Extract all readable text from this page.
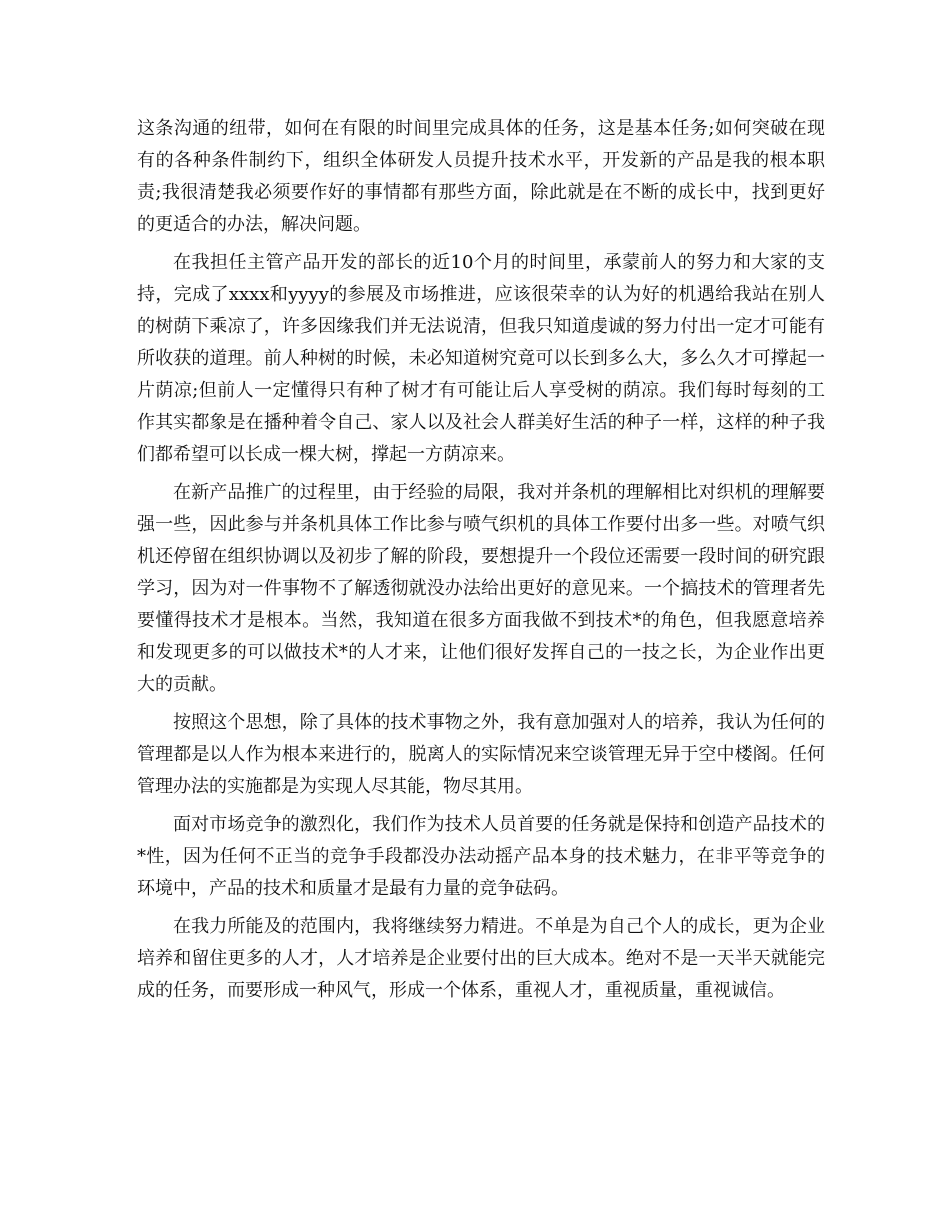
这条沟通的纽带，如何在有限的时间里完成具体的任务，这是基本任务;如何突破在现有的各种条件制约下，组织全体研发人员提升技术水平，开发新的产品是我的根本职责;我很清楚我必须要作好的事情都有那些方面，除此就是在不断的成长中，找到更好的更适合的办法，解决问题。

在我担任主管产品开发的部长的近10个月的时间里，承蒙前人的努力和大家的支持，完成了xxxx和yyyy的参展及市场推进，应该很荣幸的认为好的机遇给我站在别人的树荫下乘凉了，许多因缘我们并无法说清，但我只知道虔诚的努力付出一定才可能有所收获的道理。前人种树的时候，未必知道树究竟可以长到多么大，多么久才可撑起一片荫凉;但前人一定懂得只有种了树才有可能让后人享受树的荫凉。我们每时每刻的工作其实都象是在播种着令自己、家人以及社会人群美好生活的种子一样，这样的种子我们都希望可以长成一棵大树，撑起一方荫凉来。

在新产品推广的过程里，由于经验的局限，我对并条机的理解相比对织机的理解要强一些，因此参与并条机具体工作比参与喷气织机的具体工作要付出多一些。对喷气织机还停留在组织协调以及初步了解的阶段，要想提升一个段位还需要一段时间的研究跟学习，因为对一件事物不了解透彻就没办法给出更好的意见来。一个搞技术的管理者先要懂得技术才是根本。当然，我知道在很多方面我做不到技术*的角色，但我愿意培养和发现更多的可以做技术*的人才来，让他们很好发挥自己的一技之长，为企业作出更大的贡献。

按照这个思想，除了具体的技术事物之外，我有意加强对人的培养，我认为任何的管理都是以人作为根本来进行的，脱离人的实际情况来空谈管理无异于空中楼阁。任何管理办法的实施都是为实现人尽其能，物尽其用。

面对市场竞争的激烈化，我们作为技术人员首要的任务就是保持和创造产品技术的*性，因为任何不正当的竞争手段都没办法动摇产品本身的技术魅力，在非平等竞争的环境中，产品的技术和质量才是最有力量的竞争砝码。

在我力所能及的范围内，我将继续努力精进。不单是为自己个人的成长，更为企业培养和留住更多的人才，人才培养是企业要付出的巨大成本。绝对不是一天半天就能完成的任务，而要形成一种风气，形成一个体系，重视人才，重视质量，重视诚信。
